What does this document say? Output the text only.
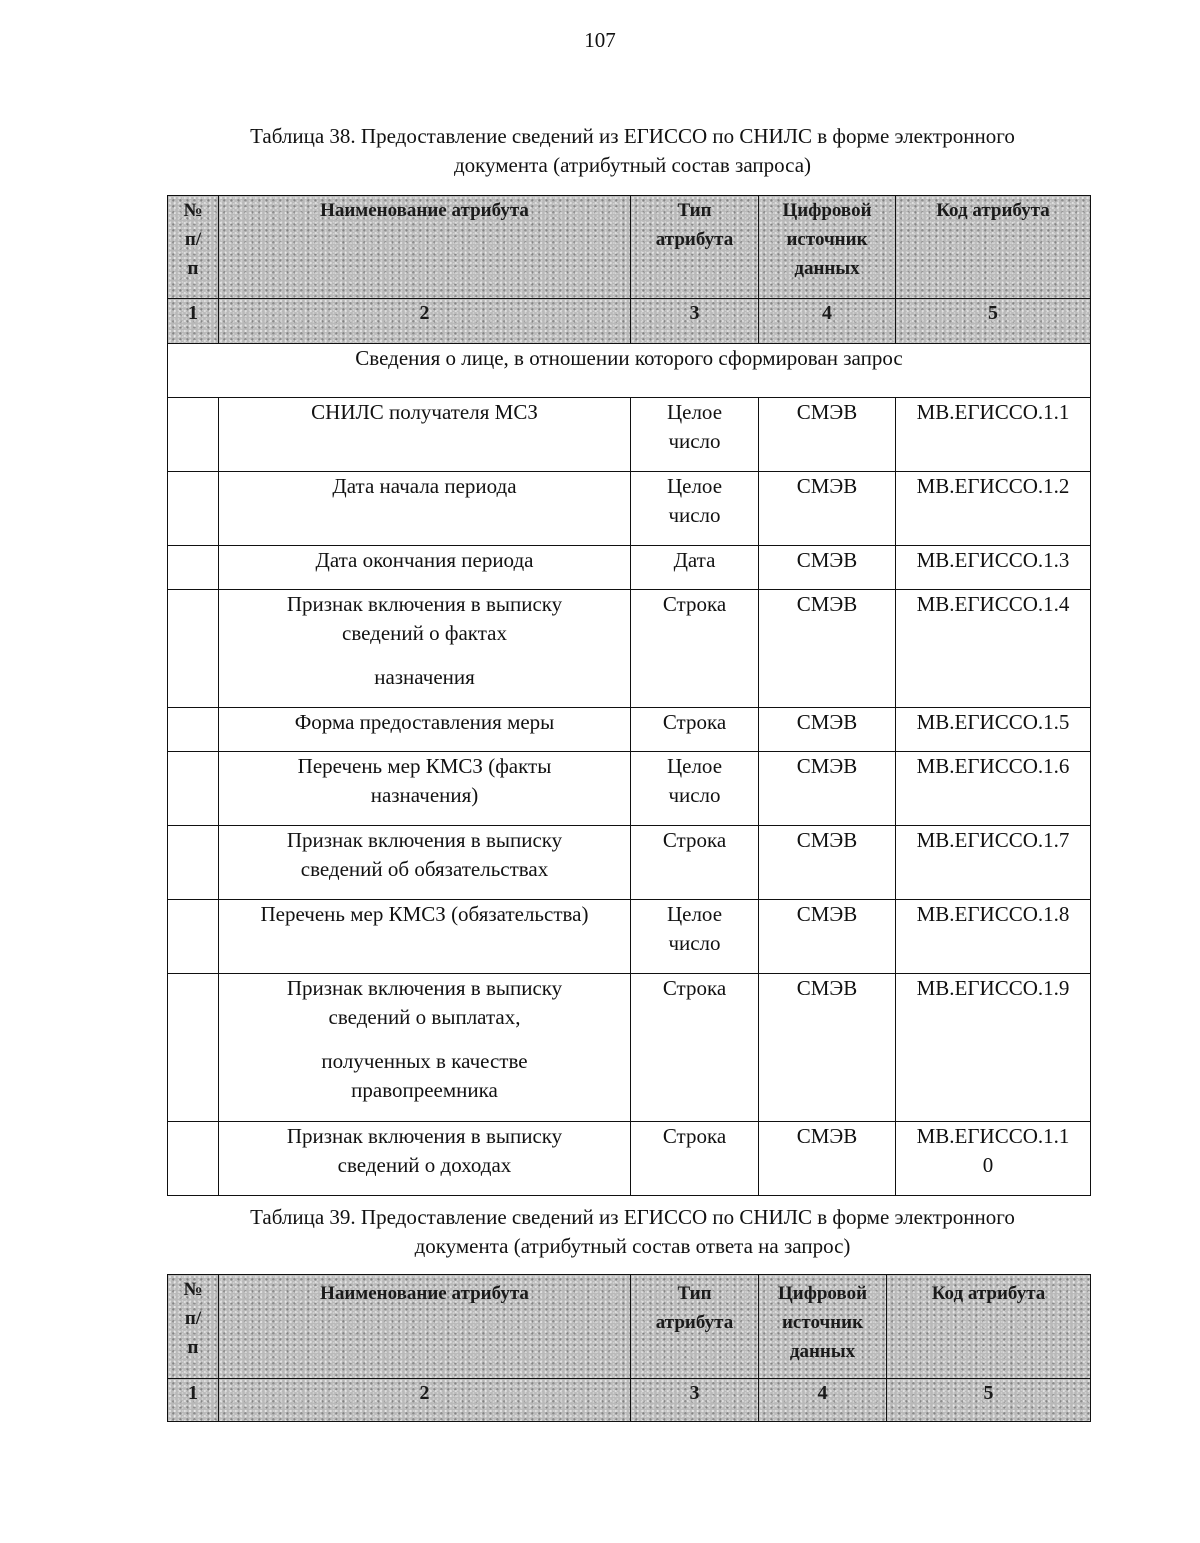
107
Таблица 38. Предоставление сведений из ЕГИССО по СНИЛС в форме электронного
документа (атрибутный состав запроса)
№
п/
п	Наименование атрибута	Тип
атрибута	Цифровой
источник
данных	Код атрибута
1	2	3	4	5
Сведения о лице, в отношении которого сформирован запрос				

	СНИЛС получателя МСЗ	Целое
число	СМЭВ	МВ.ЕГИССО.1.1

	Дата начала периода	Целое
число	СМЭВ	МВ.ЕГИССО.1.2

	Дата окончания периода	Дата	СМЭВ	МВ.ЕГИССО.1.3

	Признак включения в выписку
сведений о фактах
назначения	Строка	СМЭВ	МВ.ЕГИССО.1.4

	Форма предоставления меры	Строка	СМЭВ	МВ.ЕГИССО.1.5

	Перечень мер КМСЗ (факты
назначения)	Целое
число	СМЭВ	МВ.ЕГИССО.1.6

	Признак включения в выписку
сведений об обязательствах	Строка	СМЭВ	МВ.ЕГИССО.1.7

	Перечень мер КМСЗ (обязательства)	Целое
число	СМЭВ	МВ.ЕГИССО.1.8

	Признак включения в выписку
сведений о выплатах,
полученных в качестве
правопреемника	Строка	СМЭВ	МВ.ЕГИССО.1.9

	Признак включения в выписку
сведений о доходах	Строка	СМЭВ	МВ.ЕГИССО.1.1
0
Таблица 39. Предоставление сведений из ЕГИССО по СНИЛС в форме электронного
документа (атрибутный состав ответа на запрос)
№
п/
п	Наименование атрибута	Тип
атрибута	Цифровой
источник
данных	Код атрибута
1	2	3	4	5
